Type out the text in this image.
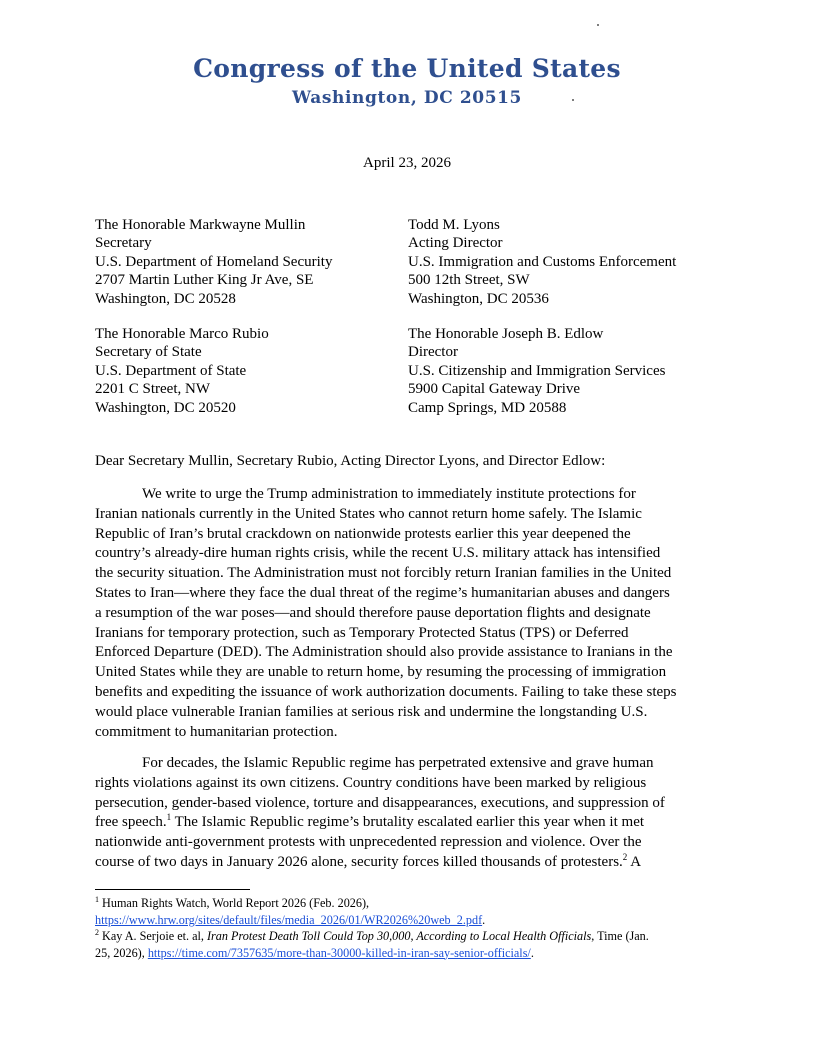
Congress of the United States
Washington, DC 20515
April 23, 2026
The Honorable Markwayne Mullin
Secretary
U.S. Department of Homeland Security
2707 Martin Luther King Jr Ave, SE
Washington, DC 20528
Todd M. Lyons
Acting Director
U.S. Immigration and Customs Enforcement
500 12th Street, SW
Washington, DC 20536
The Honorable Marco Rubio
Secretary of State
U.S. Department of State
2201 C Street, NW
Washington, DC 20520
The Honorable Joseph B. Edlow
Director
U.S. Citizenship and Immigration Services
5900 Capital Gateway Drive
Camp Springs, MD 20588
Dear Secretary Mullin, Secretary Rubio, Acting Director Lyons, and Director Edlow:
We write to urge the Trump administration to immediately institute protections for
Iranian nationals currently in the United States who cannot return home safely. The Islamic
Republic of Iran’s brutal crackdown on nationwide protests earlier this year deepened the
country’s already-dire human rights crisis, while the recent U.S. military attack has intensified
the security situation. The Administration must not forcibly return Iranian families in the United
States to Iran—where they face the dual threat of the regime’s humanitarian abuses and dangers
a resumption of the war poses—and should therefore pause deportation flights and designate
Iranians for temporary protection, such as Temporary Protected Status (TPS) or Deferred
Enforced Departure (DED). The Administration should also provide assistance to Iranians in the
United States while they are unable to return home, by resuming the processing of immigration
benefits and expediting the issuance of work authorization documents. Failing to take these steps
would place vulnerable Iranian families at serious risk and undermine the longstanding U.S.
commitment to humanitarian protection.
For decades, the Islamic Republic regime has perpetrated extensive and grave human
rights violations against its own citizens. Country conditions have been marked by religious
persecution, gender-based violence, torture and disappearances, executions, and suppression of
free speech.$^1$ The Islamic Republic regime’s brutality escalated earlier this year when it met
nationwide anti-government protests with unprecedented repression and violence. Over the
course of two days in January 2026 alone, security forces killed thousands of protesters.$^2$ A
$^1$ Human Rights Watch, World Report 2026 (Feb. 2026),
https://www.hrw.org/sites/default/files/media_2026/01/WR2026%20web_2.pdf.
$^2$ Kay A. Serjoie et. al, Iran Protest Death Toll Could Top 30,000, According to Local Health Officials, Time (Jan.
25, 2026), https://time.com/7357635/more-than-30000-killed-in-iran-say-senior-officials/.
